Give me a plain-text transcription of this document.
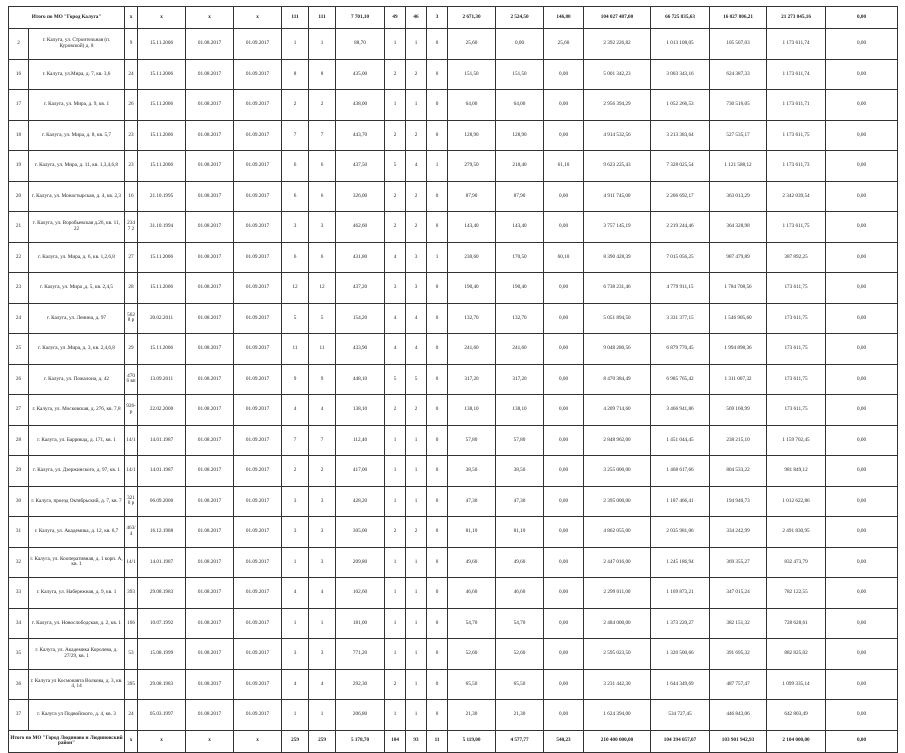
Итого по МО "Город Калуга"		x	x	x	x	111	111	7 701,10	49	46	3	2 671,30	2 524,50	146,80	104 027 487,00	66 725 835,63	16 027 806,21	21 273 845,16	0,00
2	г. Калуга, ул. Строительная (п. Куровской) д. 8	9	15.11.2006	01.08.2017	01.09.2017	1	1	88,70	1	1	0	25,60	0,00	25,60	2 392 226,82	1 013 108,05	105 507,03	1 173 611,74	0,00
16	г. Калуга, ул.Мира, д. 7, кв. 3,6	24	15.11.2006	01.08.2017	01.09.2017	8	8	435,00	2	2	0	151,50	151,50	0,00	5 001 342,23	3 003 343,16	624 387,33	1 173 611,74	0,00
17	г. Калуга, ул. Мира, д. 9, кв. 1	26	15.11.2006	01.08.2017	01.09.2017	2	2	438,00	1	1	0	64,00	64,00	0,00	2 956 394,29	1 052 266,53	730 516,05	1 173 611,71	0,00
18	г. Калуга, ул. Мира, д. 8, кв. 5,7	23	15.11.2006	01.08.2017	01.09.2017	7	7	443,70	2	2	0	128,90	128,90	0,00	4 914 532,56	3 213 383,64	527 535,17	1 173 611,75	0,00
19	г. Калуга, ул. Мира, д. 11, кв. 1,3,4,6,8	23	15.11.2006	01.08.2017	01.09.2017	6	6	437,50	5	4	1	279,50	218,40	61,10	9 623 225,43	7 328 025,54	1 121 588,12	1 173 611,73	0,00
20	г. Калуга, ул. Монастырская, д. 4, кв. 2,3	16	21.10.1995	01.08.2017	01.09.2017	6	6	326,00	2	2	0	87,90	87,90	0,00	4 911 745,00	2 206 692,17	363 013,29	2 342 039,54	0,00
21	г. Калуга, ул. Воробьевская д.26, кв. 11, 22	2347 2	31.10.1994	01.08.2017	01.09.2017	3	3	462,60	2	2	0	143,40	143,40	0,00	3 757 145,19	2 219 244,46	364 328,98	1 173 611,75	0,00
22	г. Калуга, ул. Мира, д. 6, кв. 1,2,6,8	27	15.11.2006	01.08.2017	01.09.2017	6	6	431,80	4	3	1	230,60	170,50	60,10	8 390 428,39	7 015 056,25	987 479,89	387 892,25	0,00
23	г. Калуга, ул. Мира ,д. 5, кв. 2,4,5	28	15.11.2006	01.08.2017	01.09.2017	12	12	437,20	3	3	0	190,40	190,40	0,00	6 738 231,46	4 779 911,15	1 784 708,56	173 611,75	0,00
24	г. Калуга, ул. Ленина, д. 97	5628 р	20.02.2011	01.08.2017	01.09.2017	5	5	154,20	4	4	0	132,70	132,70	0,00	5 051 894,50	3 331 377,15	1 546 905,60	173 611,75	0,00
25	г. Калуга, ул .Мира, д. 3, кв. 2,4,6,8	29	15.11.2006	01.08.2017	01.09.2017	11	11	433,90	4	4	0	241,60	241,60	0,00	9 048 280,56	6 879 770,45	1 994 898,36	173 611,75	0,00
26	г. Калуга, ул. Пожалоиа, д. 42	4706 вп	13.09.2011	01.08.2017	01.09.2017	9	9	448,10	5	5	0	317,20	317,20	0,00	8 470 384,49	6 985 765,42	1 311 007,32	173 611,75	0,00
27	г. Калуга, ул. Московская, д. 276, кв. 7,8	926-р	22.02.2000	01.08.2017	01.09.2017	4	4	138,10	2	2	0	138,10	138,10	0,00	4 209 714,60	3 466 941,86	569 160,99	173 611,75	0,00
28	г. Калуга, ул. Баррикад, д. 171, кв. 1	14/1	14.01.1987	01.08.2017	01.09.2017	7	7	112,40	1	1	0	57,80	57,80	0,00	2 848 962,00	1 451 044,45	238 215,10	1 159 702,45	0,00
29	г. Калуга, ул. Дзержинского, д. 97, кв. 1	14/1	14.01.1987	01.08.2017	01.09.2017	2	2	417,00	1	1	0	38,50	38,50	0,00	3 255 000,00	1 468 617,66	804 533,22	981 849,12	0,00
30	г. Калуга, проезд Октябрьский, д. 7, кв. 7	3210 р	06.09.2000	01.08.2017	01.09.2017	3	3	428,20	1	1	0	47,30	47,30	0,00	2 395 000,00	1 187 466,41	194 940,73	1 012 622,86	0,00
31	г. Калуга, ул. Академика, д. 12, кв. 6,7	463/4	16.12.1988	01.08.2017	01.09.2017	3	3	305,00	2	2	0	81,10	81,10	0,00	4 862 055,00	2 035 981,06	334 242,99	2 491 830,95	0,00
32	г. Калуга, ул. Кооперативная, д. 1 корп. А, кв. 1	14/1	14.01.1987	01.08.2017	01.09.2017	1	3	209,80	1	1	0	49,60	49,60	0,00	2 447 016,00	1 245 186,94	369 355,27	832 473,79	0,00
33	г. Калуга, ул. Набережная, д. 9, кв. 1	393	29.08.1983	01.08.2017	01.09.2017	4	4	102,60	1	1	0	46,60	46,60	0,00	2 299 011,00	1 169 873,21	347 015,24	782 122,55	0,00
34	г. Калуга, ул. Новослободская, д. 2, кв. 1	166	10.07.1992	01.08.2017	01.09.2017	1	1	181,00	1	1	0	54,70	54,70	0,00	2 484 000,00	1 373 220,27	382 151,32	728 628,61	0,00
35	г. Калуга, ул. Академика Королева, д. 27/29, кв. 1	53	15.08.1999	01.08.2017	01.09.2017	3	3	771,20	1	1	0	52,60	52,60	0,00	2 595 023,50	1 320 500,66	391 695,32	882 825,02	0,00
36	г. Калуга ул Космонавта Волкова, д. 3, кв. 4, 14	395	29.08.1983	01.08.2017	01.09.2017	4	4	292,30	2	1	0	65,50	65,50	0,00	3 231 442,30	1 644 349,69	487 757,47	1 099 335,14	0,00
37	г. Калуга ул Подвойского, д. 4, кв. 3	24	05.03.1997	01.08.2017	01.09.2017	1	1	206,80	1	1	0	21,30	21,30	0,00	1 624 394,00	534 727,45	446 843,06	642 803,49	0,00
Итого по МО "Город Людиново и Людиновский район"		x	x	x	x	259	259	5 178,70	104	93	11	5 119,00	4 577,77	540,23	210 400 000,00	104 394 057,07	103 901 942,93	2 104 000,00	0,00
